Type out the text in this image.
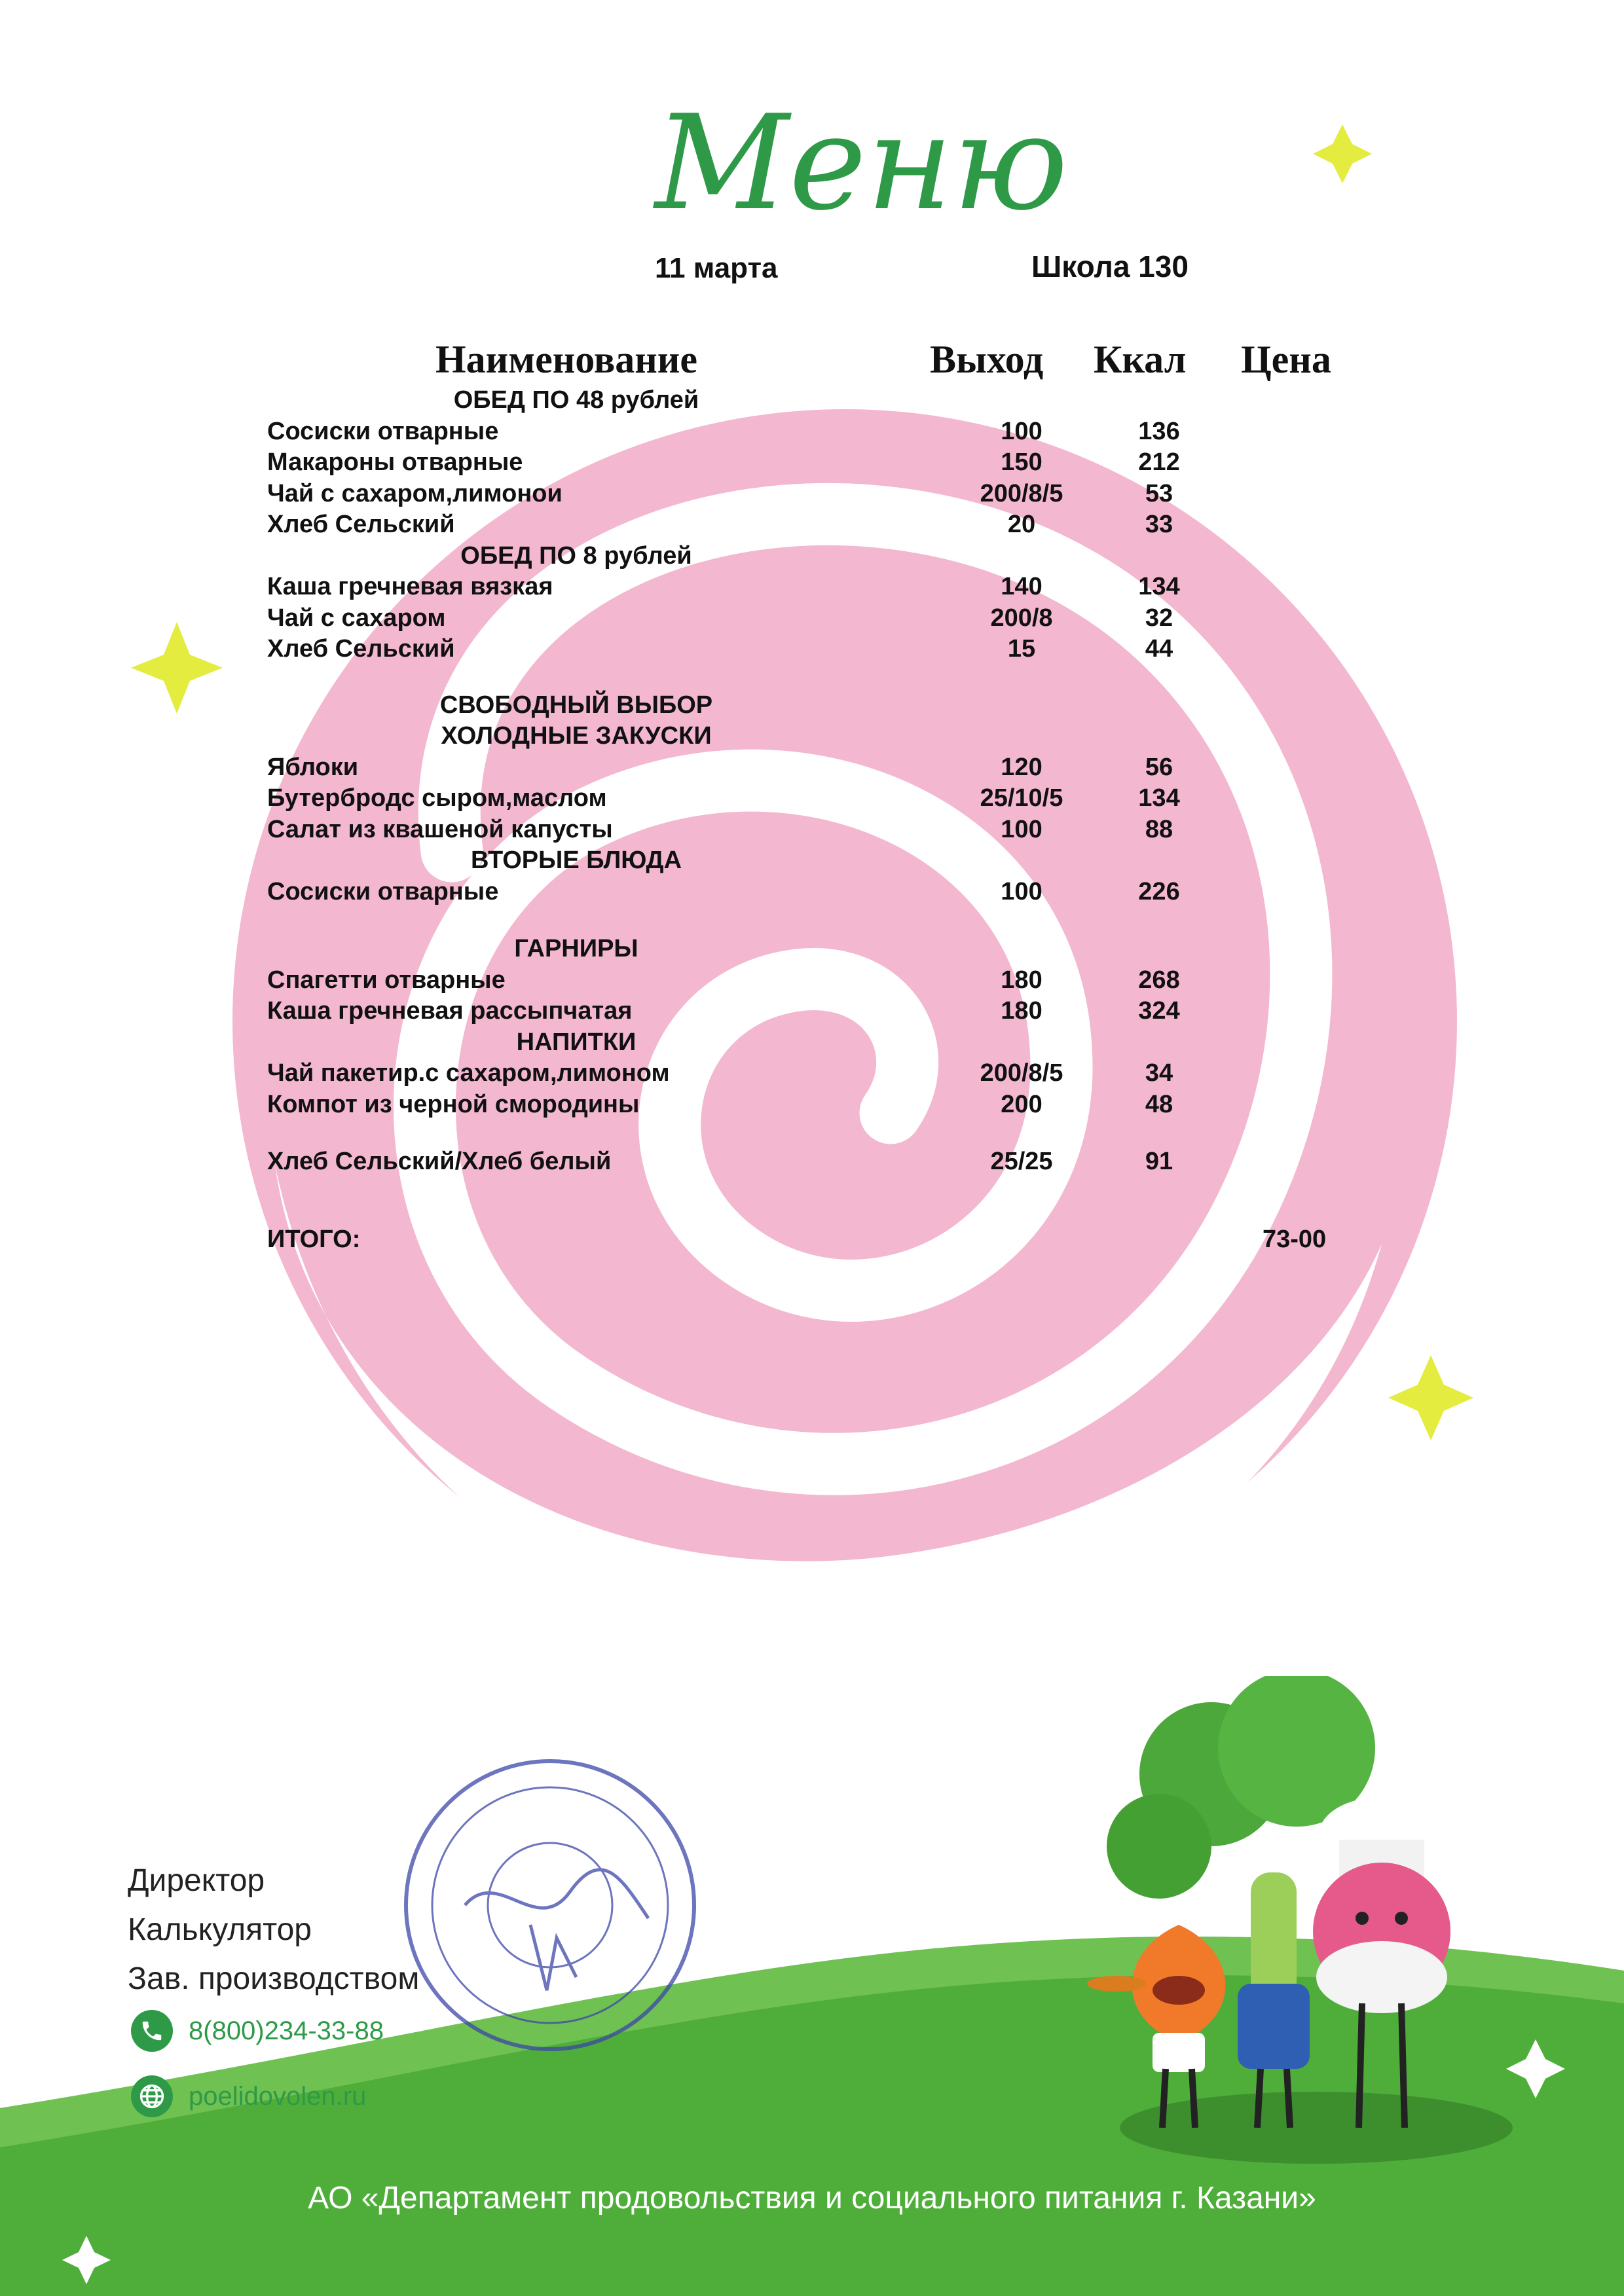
Меню
11 марта	Школа 130
Наименование	Выход Ккал Цена
ОБЕД ПО 48 рублей
Сосиски отварные	100	136
Макароны отварные	150	212
Чай с сахаром,лимонои	200/8/5	53
Хлеб Сельский	20	33
ОБЕД ПО 8 рублей
Каша гречневая вязкая	140	134
Чай с сахаром	200/8	32
Хлеб Сельский	15	44
СВОБОДНЫЙ ВЫБОР
ХОЛОДНЫЕ ЗАКУСКИ
Яблоки	120	56
Бутербродс сыром,маслом	25/10/5	134
Салат из квашеной капусты	100	88
ВТОРЫЕ БЛЮДА
Сосиски отварные	100	226
ГАРНИРЫ
Спагетти отварные	180	268
Каша гречневая рассыпчатая	180	324
НАПИТКИ
Чай пакетир.с сахаром,лимоном	200/8/5	34
Компот из черной смородины	200	48
Хлеб Сельский/Хлеб белый	25/25	91
ИТОГО:	73-00
Директор
Калькулятор
Зав. производством
8(800)234-33-88
poelidovolen.ru
АО «Департамент продовольствия и социального питания г. Казани»
